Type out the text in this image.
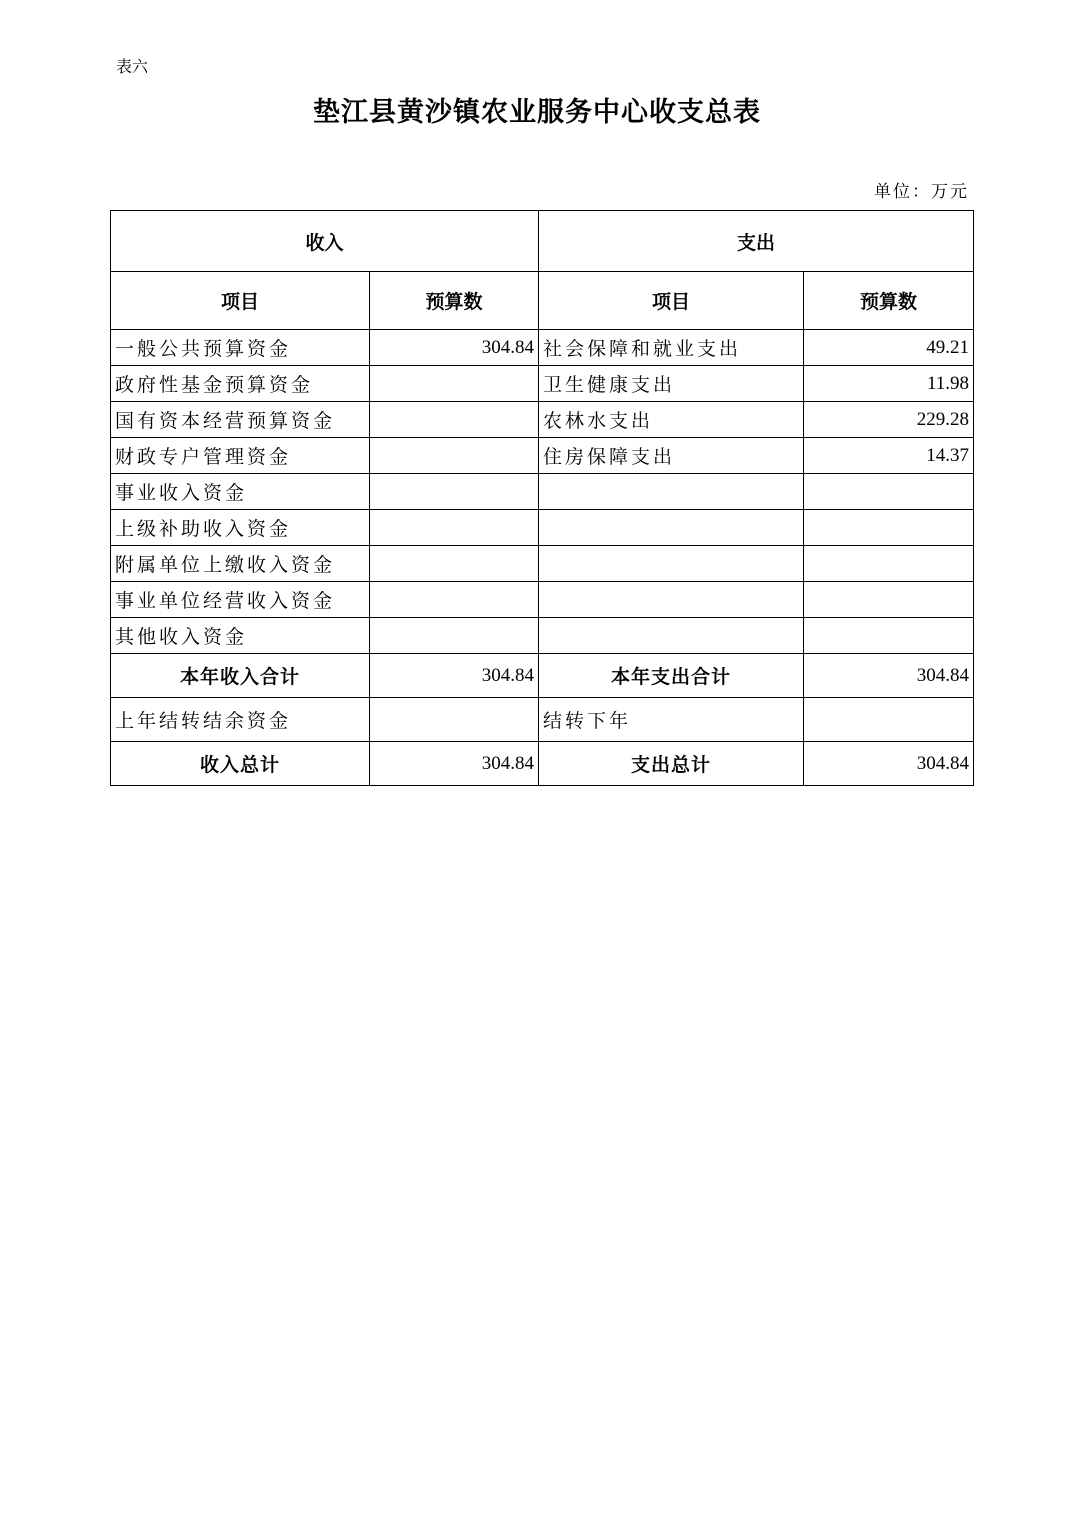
表六
垫江县黄沙镇农业服务中心收支总表
单位：万元
收入		支出	
项目	预算数	项目	预算数
一般公共预算资金	304.84	社会保障和就业支出	49.21
政府性基金预算资金		卫生健康支出	11.98
国有资本经营预算资金		农林水支出	229.28
财政专户管理资金		住房保障支出	14.37
事业收入资金			
上级补助收入资金			
附属单位上缴收入资金			
事业单位经营收入资金			
其他收入资金			
本年收入合计	304.84	本年支出合计	304.84
上年结转结余资金		结转下年	
收入总计	304.84	支出总计	304.84
